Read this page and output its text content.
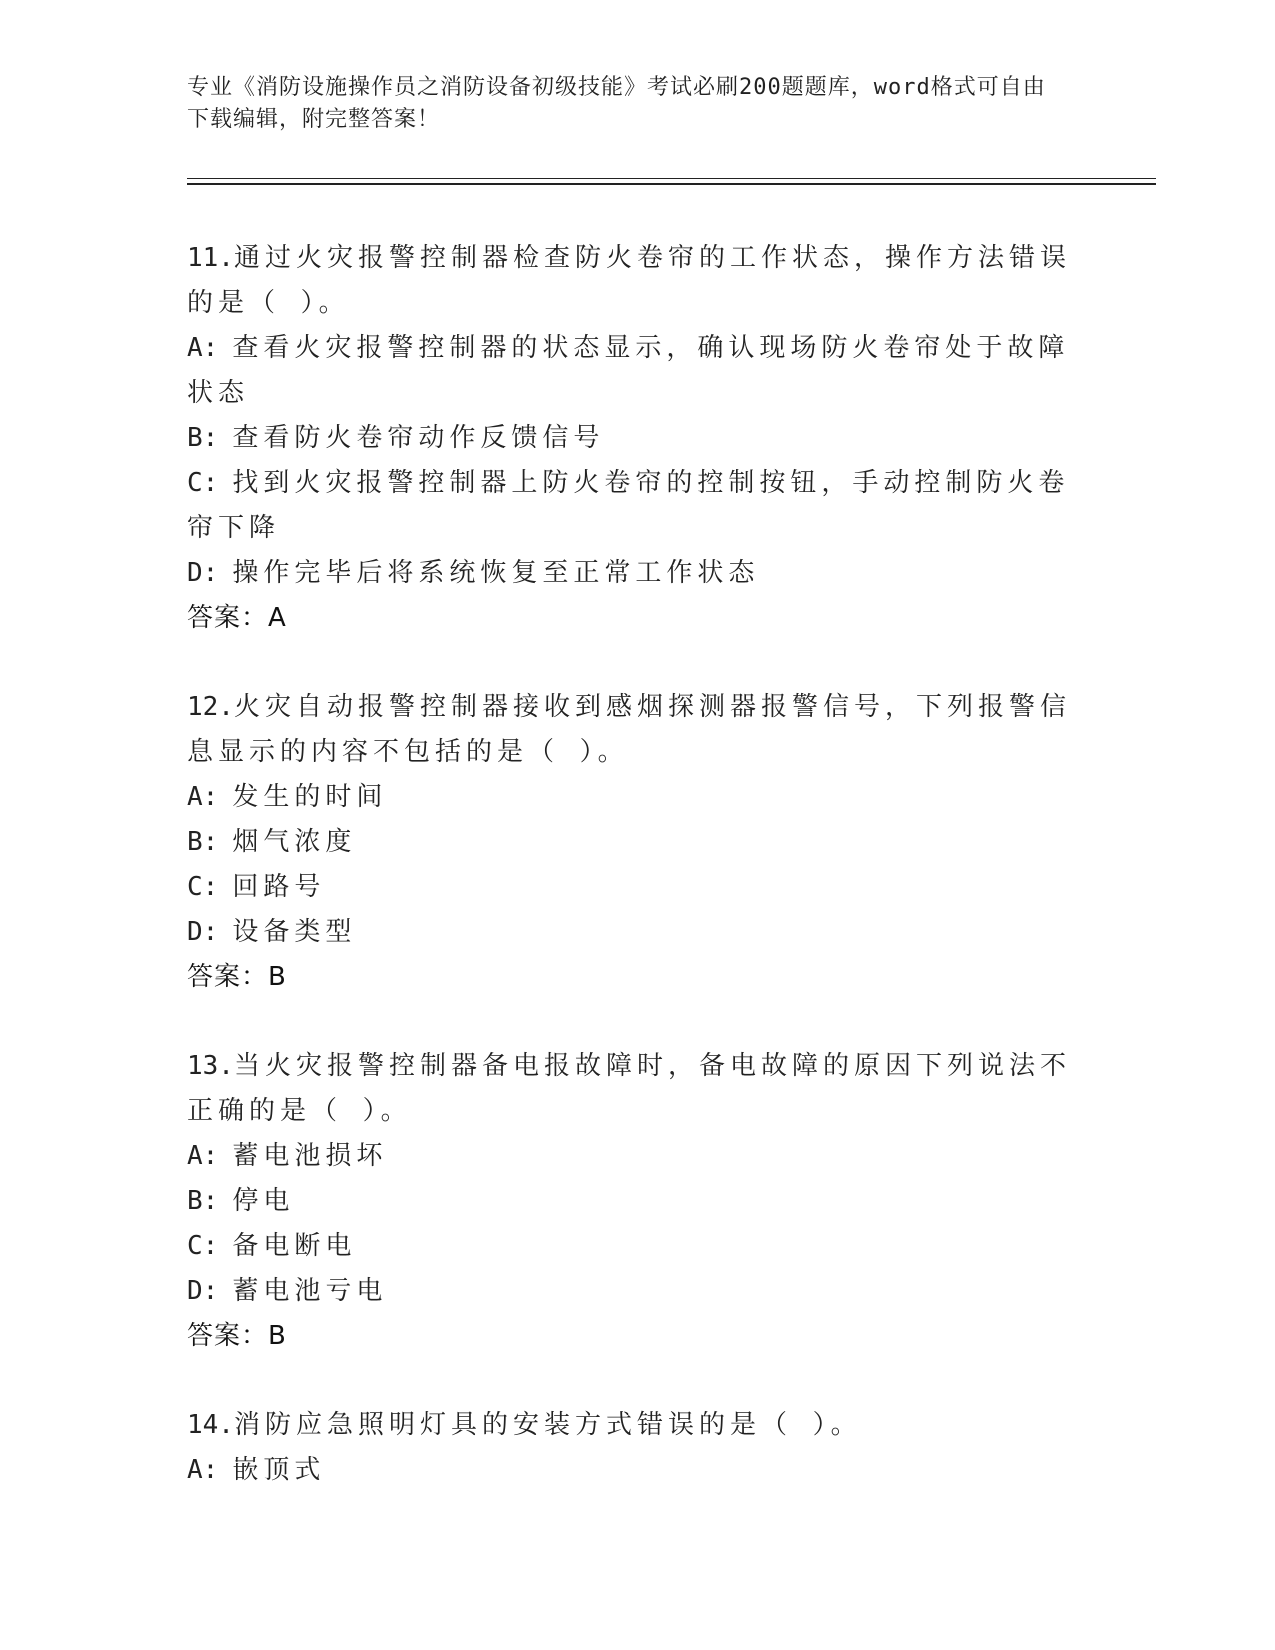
专业《消防设施操作员之消防设备初级技能》考试必刷200题题库，word格式可自由下载编辑，附完整答案！
11.通过火灾报警控制器检查防火卷帘的工作状态，操作方法错误的是（ ）。
A: 查看火灾报警控制器的状态显示，确认现场防火卷帘处于故障状态
B: 查看防火卷帘动作反馈信号
C: 找到火灾报警控制器上防火卷帘的控制按钮，手动控制防火卷帘下降
D: 操作完毕后将系统恢复至正常工作状态
答案：A
12.火灾自动报警控制器接收到感烟探测器报警信号，下列报警信息显示的内容不包括的是（ ）。
A: 发生的时间
B: 烟气浓度
C: 回路号
D: 设备类型
答案：B
13.当火灾报警控制器备电报故障时，备电故障的原因下列说法不正确的是（ ）。
A: 蓄电池损坏
B: 停电
C: 备电断电
D: 蓄电池亏电
答案：B
14.消防应急照明灯具的安装方式错误的是（ ）。
A: 嵌顶式
